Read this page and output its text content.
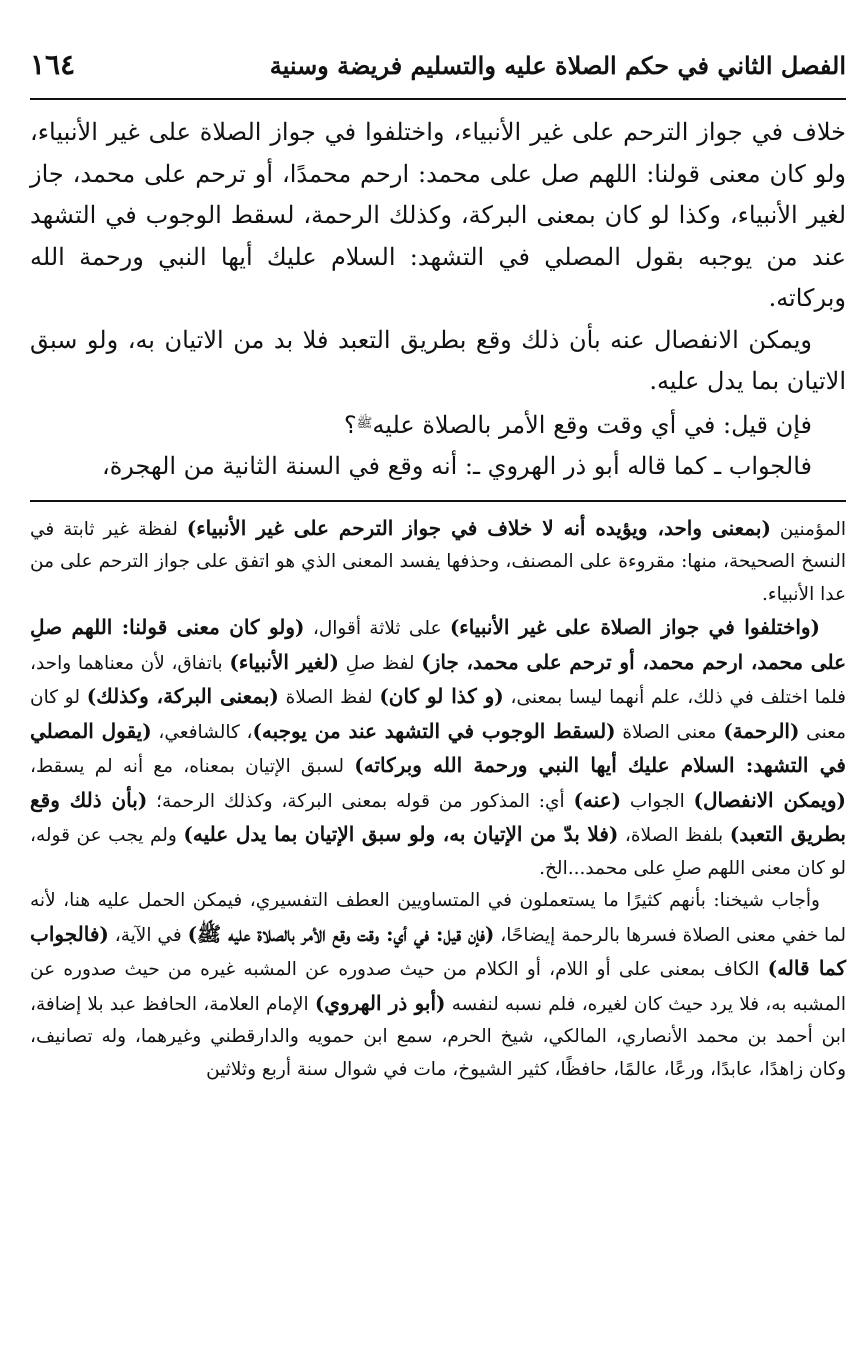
الفصل الثاني في حكم الصلاة عليه والتسليم فريضة وسنية
١٦٤

خلاف في جواز الترحم على غير الأنبياء، واختلفوا في جواز الصلاة على غير الأنبياء، ولو كان معنى قولنا: اللهم صل على محمد: ارحم محمدًا، أو ترحم على محمد، جاز لغير الأنبياء، وكذا لو كان بمعنى البركة، وكذلك الرحمة، لسقط الوجوب في التشهد عند من يوجبه بقول المصلي في التشهد: السلام عليك أيها النبي ورحمة الله وبركاته.

ويمكن الانفصال عنه بأن ذلك وقع بطريق التعبد فلا بد من الاتيان به، ولو سبق الاتيان بما يدل عليه.

فإن قيل: في أي وقت وقع الأمر بالصلاة عليه$^ﷺ$؟

فالجواب ـ كما قاله أبو ذر الهروي ـ: أنه وقع في السنة الثانية من الهجرة،

المؤمنين (بمعنى واحد، ويؤيده أنه لا خلاف في جواز الترحم على غير الأنبياء) لفظة غير ثابتة في النسخ الصحيحة، منها: مقروءة على المصنف، وحذفها يفسد المعنى الذي هو اتفق على جواز الترحم على من عدا الأنبياء.

(واختلفوا في جواز الصلاة على غير الأنبياء) على ثلاثة أقوال، (ولو كان معنى قولنا: اللهم صلِ على محمد، ارحم محمد، أو ترحم على محمد، جاز) لفظ صلِ (لغير الأنبياء) باتفاق، لأن معناهما واحد، فلما اختلف في ذلك، علم أنهما ليسا بمعنى، (و كذا لو كان) لفظ الصلاة (بمعنى البركة، وكذلك) لو كان معنى (الرحمة) معنى الصلاة (لسقط الوجوب في التشهد عند من يوجبه)، كالشافعي، (يقول المصلي في التشهد: السلام عليك أيها النبي ورحمة الله وبركاته) لسبق الإتيان بمعناه، مع أنه لم يسقط، (ويمكن الانفصال) الجواب (عنه) أي: المذكور من قوله بمعنى البركة، وكذلك الرحمة؛ (بأن ذلك وقع بطريق التعبد) بلفظ الصلاة، (فلا بدّ من الإتيان به، ولو سبق الإتيان بما يدل عليه) ولم يجب عن قوله، لو كان معنى اللهم صلِ على محمد...الخ.

وأجاب شيخنا: بأنهم كثيرًا ما يستعملون في المتساويين العطف التفسيري، فيمكن الحمل عليه هنا، لأنه لما خفي معنى الصلاة فسرها بالرحمة إيضاحًا، (فإن قيل: في أي: وقت وقع الأمر بالصلاة عليه ﷺ) في الآية، (فالجواب كما قاله) الكاف بمعنى على أو اللام، أو الكلام من حيث صدوره عن المشبه غيره من حيث صدوره عن المشبه به، فلا يرد حيث كان لغيره، فلم نسبه لنفسه (أبو ذر الهروي) الإمام العلامة، الحافظ عبد بلا إضافة، ابن أحمد بن محمد الأنصاري، المالكي، شيخ الحرم، سمع ابن حمويه والدارقطني وغيرهما، وله تصانيف، وكان زاهدًا، عابدًا، ورعًا، عالمًا، حافظًا، كثير الشيوخ، مات في شوال سنة أربع وثلاثين
